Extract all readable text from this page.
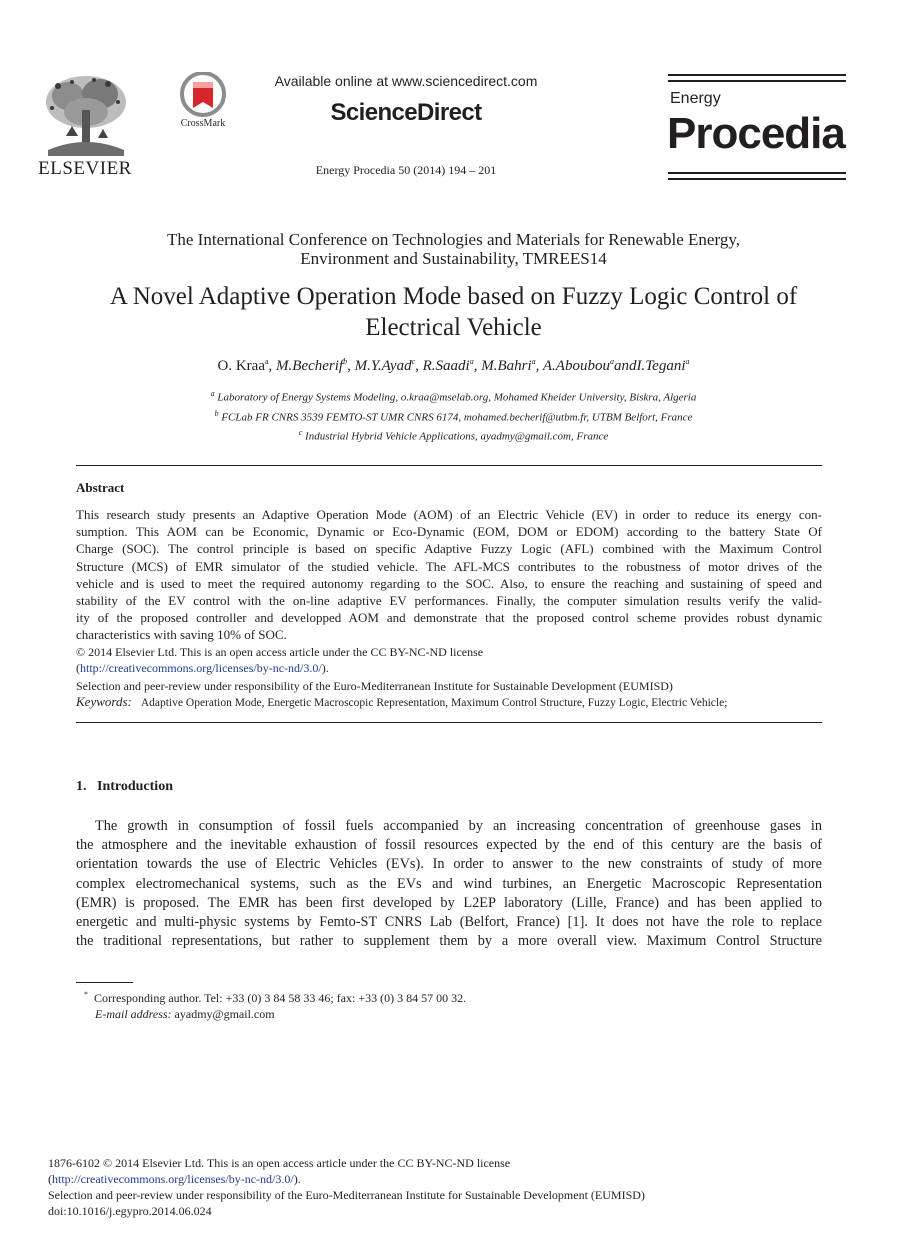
ELSEVIER
CrossMark
Available online at www.sciencedirect.com
ScienceDirect
Energy Procedia 50 (2014) 194 – 201
Energy
Procedia
The International Conference on Technologies and Materials for Renewable Energy,
Environment and Sustainability, TMREES14
A Novel Adaptive Operation Mode based on Fuzzy Logic Control of
Electrical Vehicle
O. Kraa$^a$, M.Becherif$^b$, M.Y.Ayad$^c$, R.Saadi$^a$, M.Bahri$^a$, A.Aboubou$^a$andI.Tegani$^a$
$^a$ Laboratory of Energy Systems Modeling, o.kraa@mselab.org, Mohamed Kheider University, Biskra, Algeria
$^b$ FCLab FR CNRS 3539 FEMTO-ST UMR CNRS 6174, mohamed.becherif@utbm.fr, UTBM Belfort, France
$^c$ Industrial Hybrid Vehicle Applications, ayadmy@gmail.com, France
Abstract
This research study presents an Adaptive Operation Mode (AOM) of an Electric Vehicle (EV) in order to reduce its energy con-
sumption. This AOM can be Economic, Dynamic or Eco-Dynamic (EOM, DOM or EDOM) according to the battery State Of
Charge (SOC). The control principle is based on specific Adaptive Fuzzy Logic (AFL) combined with the Maximum Control
Structure (MCS) of EMR simulator of the studied vehicle. The AFL-MCS contributes to the robustness of motor drives of the
vehicle and is used to meet the required autonomy regarding to the SOC. Also, to ensure the reaching and sustaining of speed and
stability of the EV control with the on-line adaptive EV performances. Finally, the computer simulation results verify the valid-
ity of the proposed controller and developped AOM and demonstrate that the proposed control scheme provides robust dynamic
characteristics with saving 10% of SOC.
© 2014 Elsevier Ltd. This is an open access article under the CC BY-NC-ND license
(http://creativecommons.org/licenses/by-nc-nd/3.0/).
Selection and peer-review under responsibility of the Euro-Mediterranean Institute for Sustainable Development (EUMISD)
Keywords: Adaptive Operation Mode, Energetic Macroscopic Representation, Maximum Control Structure, Fuzzy Logic, Electric Vehicle;
1.   Introduction
The growth in consumption of fossil fuels accompanied by an increasing concentration of greenhouse gases in
the atmosphere and the inevitable exhaustion of fossil resources expected by the end of this century are the basis of
orientation towards the use of Electric Vehicles (EVs). In order to answer to the new constraints of study of more
complex electromechanical systems, such as the EVs and wind turbines, an Energetic Macroscopic Representation
(EMR) is proposed. The EMR has been first developed by L2EP laboratory (Lille, France) and has been applied to
energetic and multi-physic systems by Femto-ST CNRS Lab (Belfort, France) [1]. It does not have the role to replace
the traditional representations, but rather to supplement them by a more overall view. Maximum Control Structure
* Corresponding author. Tel: +33 (0) 3 84 58 33 46; fax: +33 (0) 3 84 57 00 32.
E-mail address: ayadmy@gmail.com
1876-6102 © 2014 Elsevier Ltd. This is an open access article under the CC BY-NC-ND license
(http://creativecommons.org/licenses/by-nc-nd/3.0/).
Selection and peer-review under responsibility of the Euro-Mediterranean Institute for Sustainable Development (EUMISD)
doi:10.1016/j.egypro.2014.06.024
